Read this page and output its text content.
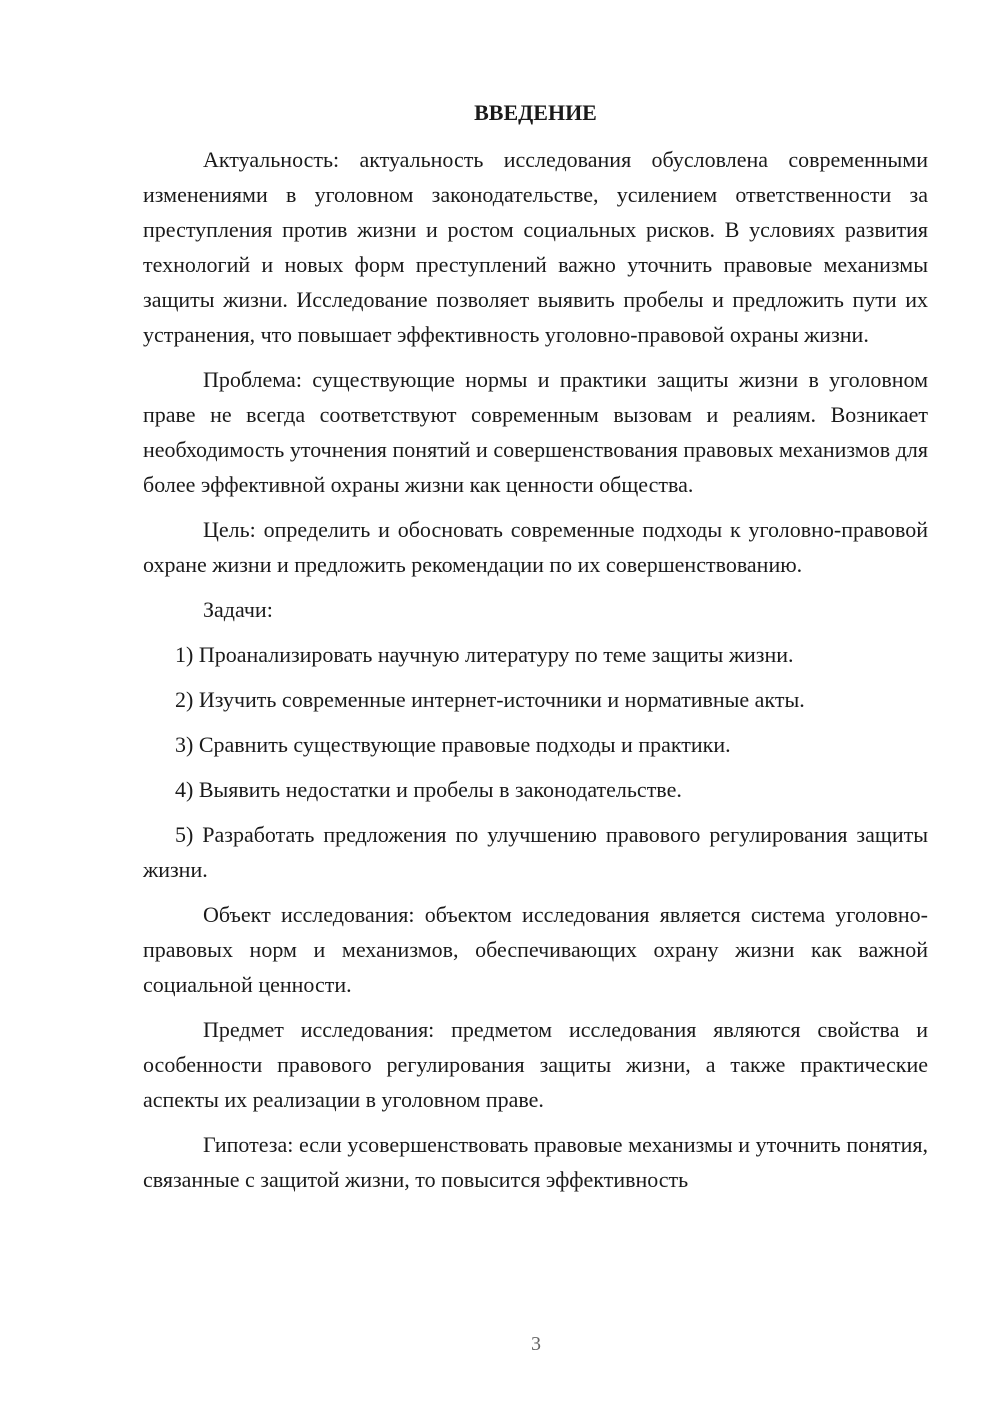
ВВЕДЕНИЕ

Актуальность: актуальность исследования обусловлена современными изменениями в уголовном законодательстве, усилением ответственности за преступления против жизни и ростом социальных рисков. В условиях развития технологий и новых форм преступлений важно уточнить правовые механизмы защиты жизни. Исследование позволяет выявить пробелы и предложить пути их устранения, что повышает эффективность уголовно-правовой охраны жизни.

Проблема: существующие нормы и практики защиты жизни в уголовном праве не всегда соответствуют современным вызовам и реалиям. Возникает необходимость уточнения понятий и совершенствования правовых механизмов для более эффективной охраны жизни как ценности общества.

Цель: определить и обосновать современные подходы к уголовно-правовой охране жизни и предложить рекомендации по их совершенствованию.

Задачи:

1) Проанализировать научную литературу по теме защиты жизни.

2) Изучить современные интернет-источники и нормативные акты.

3) Сравнить существующие правовые подходы и практики.

4) Выявить недостатки и пробелы в законодательстве.

5) Разработать предложения по улучшению правового регулирования защиты жизни.

Объект исследования: объектом исследования является система уголовно-правовых норм и механизмов, обеспечивающих охрану жизни как важной социальной ценности.

Предмет исследования: предметом исследования являются свойства и особенности правового регулирования защиты жизни, а также практические аспекты их реализации в уголовном праве.

Гипотеза: если усовершенствовать правовые механизмы и уточнить понятия, связанные с защитой жизни, то повысится эффективность

3
